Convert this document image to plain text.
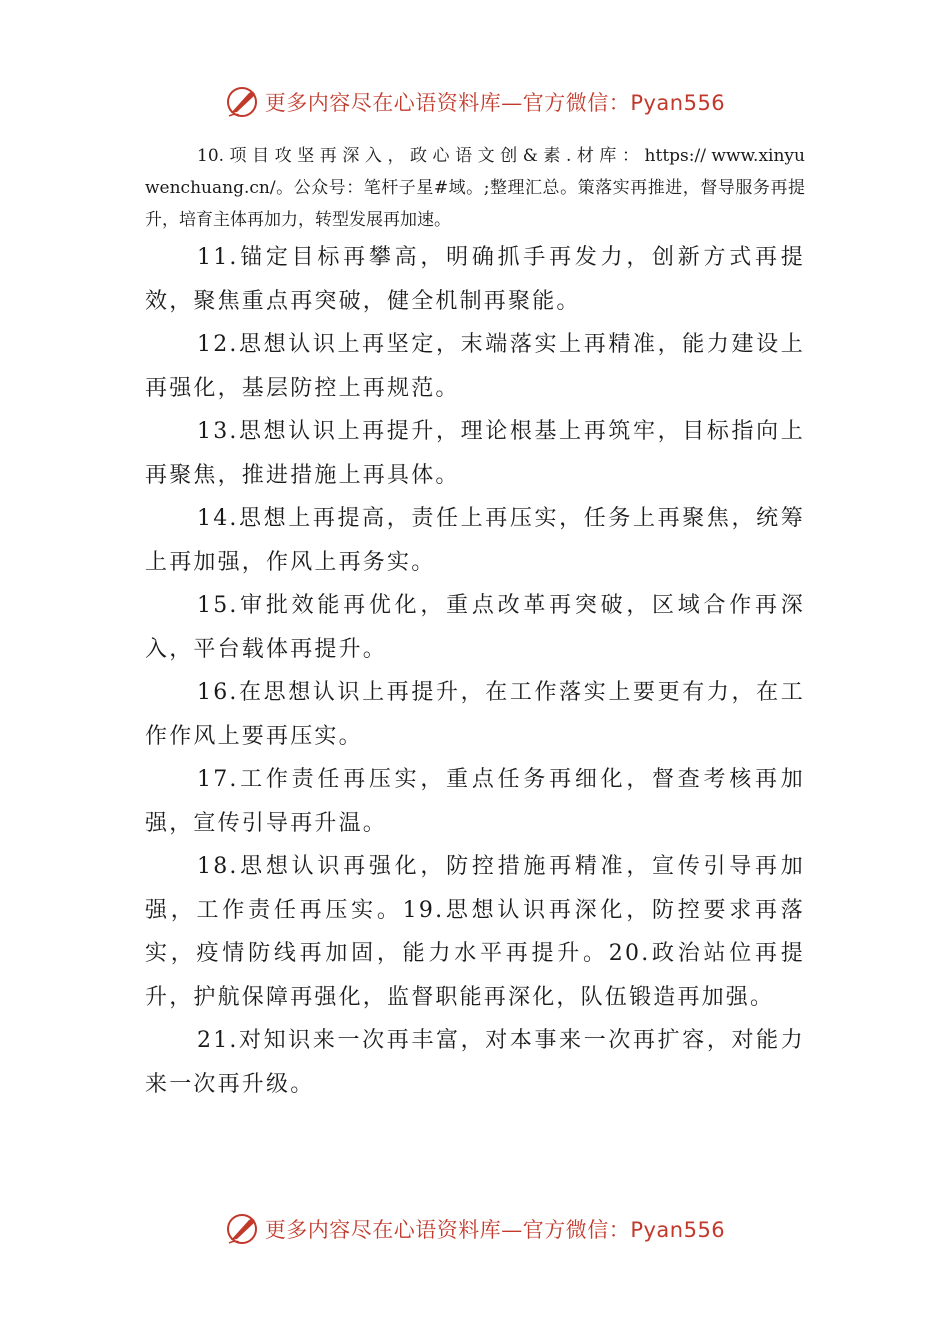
更多内容尽在心语资料库—官方微信：Pyan556

10. 项 目 攻 坚 再 深 入 ， 政 心 语 文 创 & 素 . 材 库 ： https:// www.xinyuwenchuang.cn/。公众号：笔杆子星#域。;整理汇总。策落实再推进，督导服务再提升，培育主体再加力，转型发展再加速。

11.锚定目标再攀高，明确抓手再发力，创新方式再提效，聚焦重点再突破，健全机制再聚能。

12.思想认识上再坚定，末端落实上再精准，能力建设上再强化，基层防控上再规范。

13.思想认识上再提升，理论根基上再筑牢，目标指向上再聚焦，推进措施上再具体。

14.思想上再提高，责任上再压实，任务上再聚焦，统筹上再加强，作风上再务实。

15.审批效能再优化，重点改革再突破，区域合作再深入，平台载体再提升。

16.在思想认识上再提升，在工作落实上要更有力，在工作作风上要再压实。

17.工作责任再压实，重点任务再细化，督查考核再加强，宣传引导再升温。

18.思想认识再强化，防控措施再精准，宣传引导再加强，工作责任再压实。19.思想认识再深化，防控要求再落实，疫情防线再加固，能力水平再提升。20.政治站位再提升，护航保障再强化，监督职能再深化，队伍锻造再加强。

21.对知识来一次再丰富，对本事来一次再扩容，对能力来一次再升级。

更多内容尽在心语资料库—官方微信：Pyan556
